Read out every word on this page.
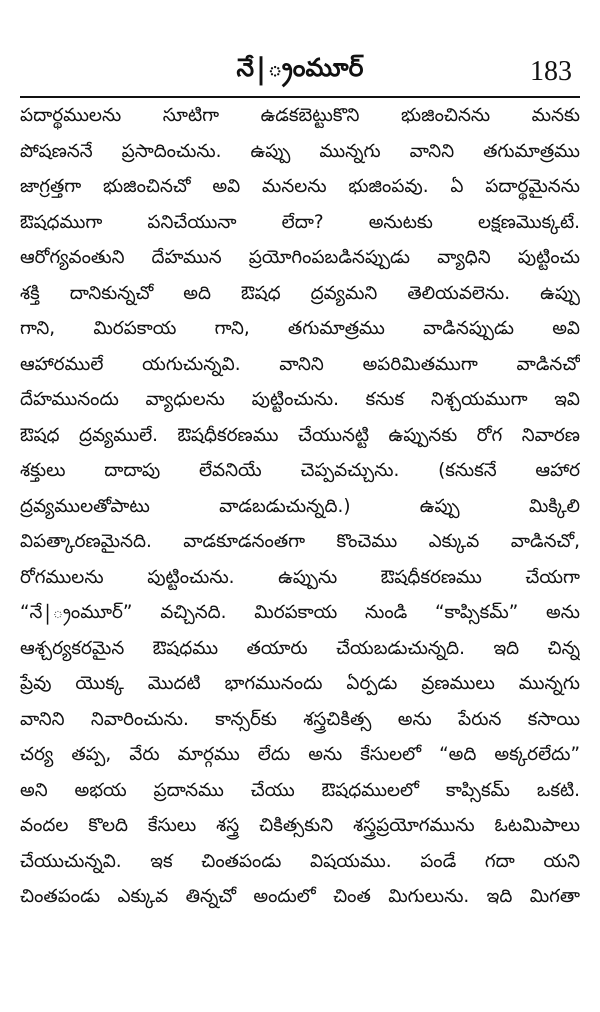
నే|్రంమూర్	183
పదార్థములను సూటిగా ఉడకబెట్టుకొని భుజించినను మనకు
పోషణననే ప్రసాదించును. ఉప్పు మున్నగు వానిని తగుమాత్రము
జాగ్రత్తగా భుజించినచో అవి మనలను భుజింపవు. ఏ పదార్థమైనను
ఔషధముగా పనిచేయునా లేదా? అనుటకు లక్షణమొక్కటే.
ఆరోగ్యవంతుని దేహమున ప్రయోగింపబడినప్పుడు వ్యాధిని పుట్టించు
శక్తి దానికున్నచో అది ఔషధ ద్రవ్యమని తెలియవలెను. ఉప్పు
గాని, మిరపకాయ గాని, తగుమాత్రము వాడినప్పుడు అవి
ఆహారములే యగుచున్నవి. వానిని అపరిమితముగా వాడినచో
దేహమునందు వ్యాధులను పుట్టించును. కనుక నిశ్చయముగా ఇవి
ఔషధ ద్రవ్యములే. ఔషధీకరణము చేయునట్టి ఉప్పునకు రోగ నివారణ
శక్తులు దాదాపు లేవనియే చెప్పవచ్చును. (కనుకనే ఆహార
ద్రవ్యములతోపాటు వాడబడుచున్నది.) ఉప్పు మిక్కిలి
విపత్కారణమైనది. వాడకూడనంతగా కొంచెము ఎక్కువ వాడినచో,
రోగములను పుట్టించును. ఉప్పును ఔషధీకరణము చేయగా
“నే|్రంమూర్” వచ్చినది. మిరపకాయ నుండి “కాప్సికమ్” అను
ఆశ్చర్యకరమైన ఔషధము తయారు చేయబడుచున్నది. ఇది చిన్న
ప్రేవు యొక్క మొదటి భాగమునందు ఏర్పడు వ్రణములు మున్నగు
వానిని నివారించును. కాన్సర్‌కు శస్త్రచికిత్స అను పేరున కసాయి
చర్య తప్ప, వేరు మార్గము లేదు అను కేసులలో “అది అక్కరలేదు”
అని అభయ ప్రదానము చేయు ఔషధములలో కాప్సికమ్ ఒకటి.
వందల కొలది కేసులు శస్త్ర చికిత్సకుని శస్త్రప్రయోగమును ఓటమిపాలు
చేయుచున్నవి. ఇక చింతపండు విషయము. పండే గదా యని
చింతపండు ఎక్కువ తిన్నచో అందులో చింత మిగులును. ఇది మిగతా
